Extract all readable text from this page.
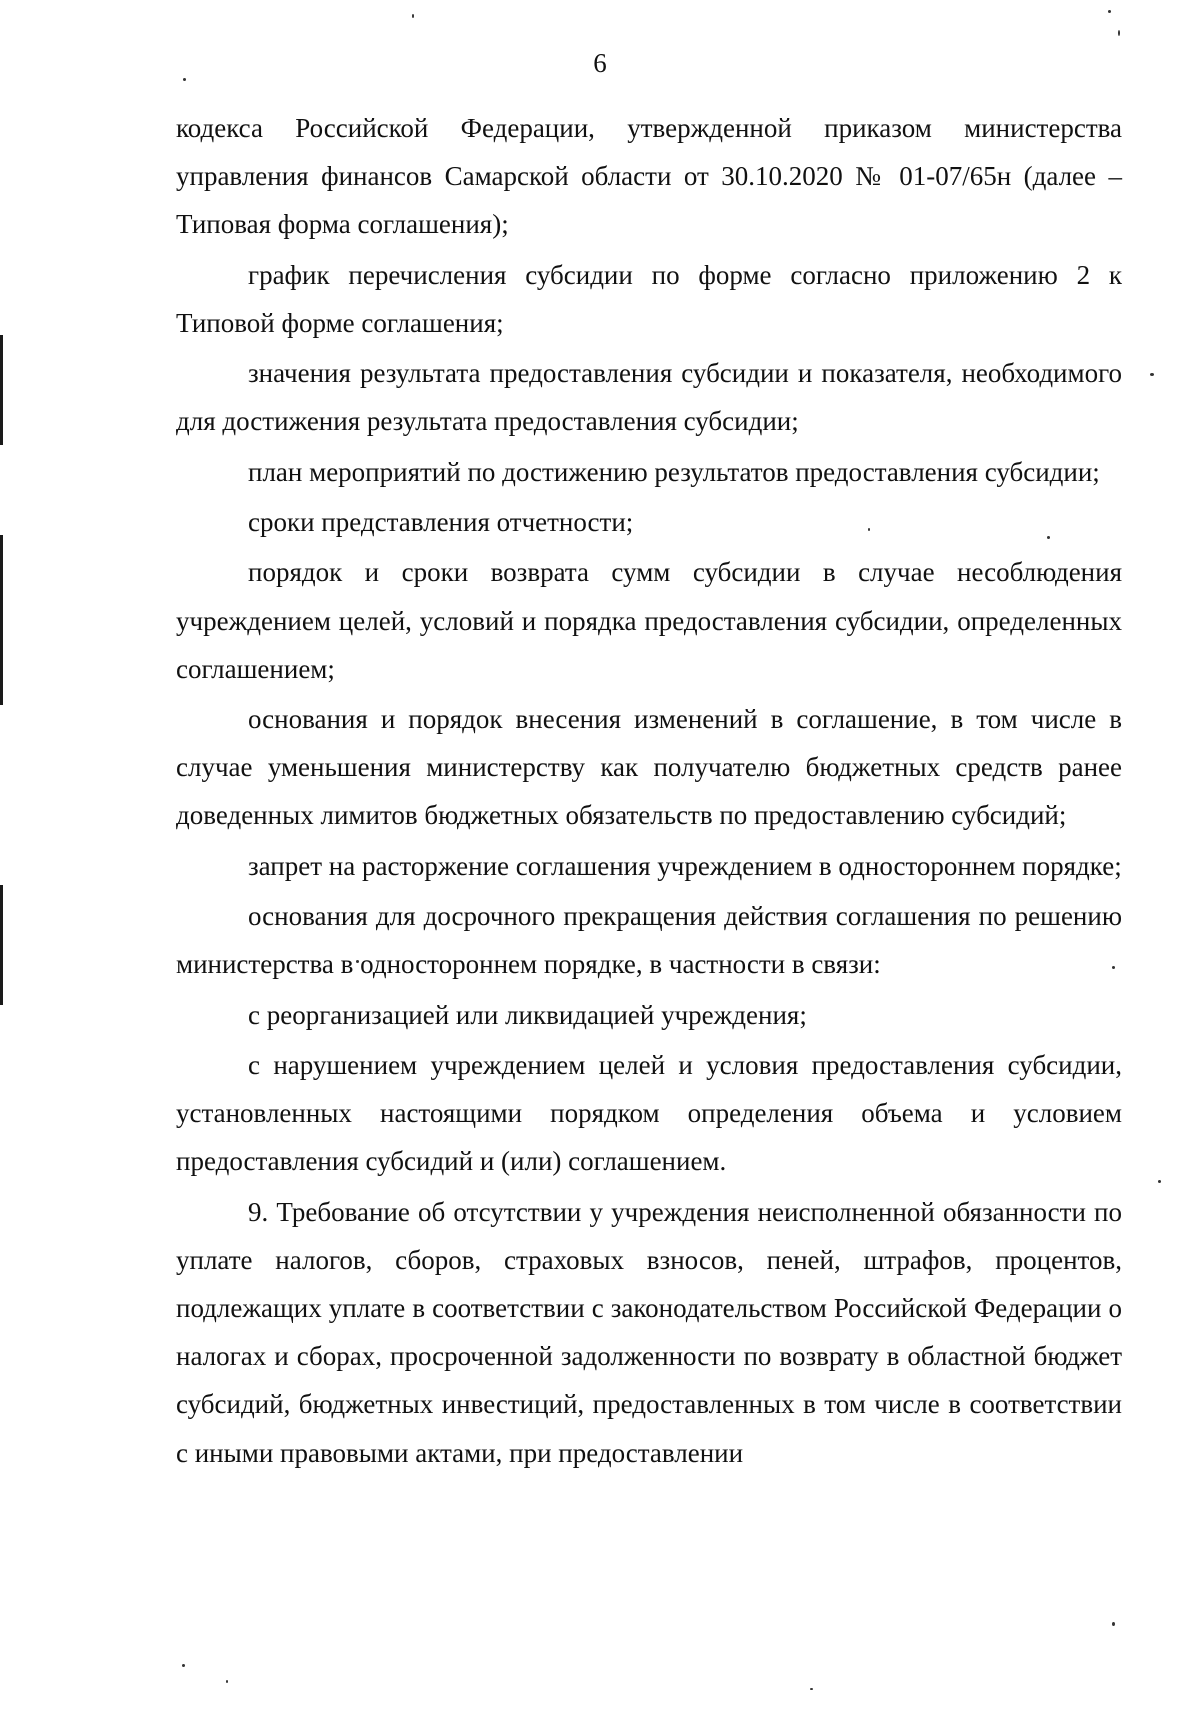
6

кодекса Российской Федерации, утвержденной приказом министерства управления финансов Самарской области от 30.10.2020 № 01-07/65н (далее – Типовая форма соглашения);

график перечисления субсидии по форме согласно приложению 2 к Типовой форме соглашения;

значения результата предоставления субсидии и показателя, необходимого для достижения результата предоставления субсидии;

план мероприятий по достижению результатов предоставления субсидии;

сроки представления отчетности;

порядок и сроки возврата сумм субсидии в случае несоблюдения учреждением целей, условий и порядка предоставления субсидии, определенных соглашением;

основания и порядок внесения изменений в соглашение, в том числе в случае уменьшения министерству как получателю бюджетных средств ранее доведенных лимитов бюджетных обязательств по предоставлению субсидий;

запрет на расторжение соглашения учреждением в одностороннем порядке;

основания для досрочного прекращения действия соглашения по решению министерства в одностороннем порядке, в частности в связи:

с реорганизацией или ликвидацией учреждения;

с нарушением учреждением целей и условия предоставления субсидии, установленных настоящими порядком определения объема и условием предоставления субсидий и (или) соглашением.

9. Требование об отсутствии у учреждения неисполненной обязанности по уплате налогов, сборов, страховых взносов, пеней, штрафов, процентов, подлежащих уплате в соответствии с законодательством Российской Федерации о налогах и сборах, просроченной задолженности по возврату в областной бюджет субсидий, бюджетных инвестиций, предоставленных в том числе в соответствии с иными правовыми актами, при предоставлении
